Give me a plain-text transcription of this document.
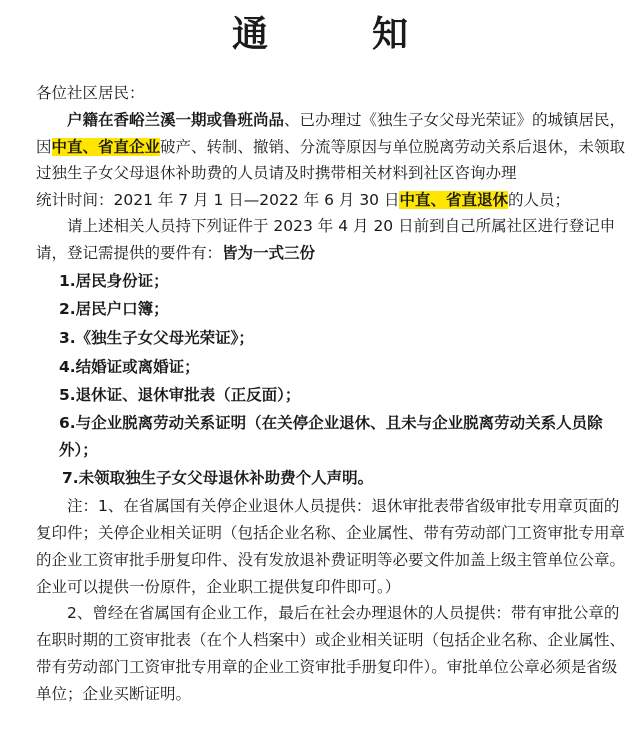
通　知

各位社区居民：

户籍在香峪兰溪一期或鲁班尚品、已办理过《独生子女父母光荣证》的城镇居民，因中直、省直企业破产、转制、撤销、分流等原因与单位脱离劳动关系后退休，未领取过独生子女父母退休补助费的人员请及时携带相关材料到社区咨询办理

统计时间：2021 年 7 月 1 日—2022 年 6 月 30 日中直、省直退休的人员；

请上述相关人员持下列证件于 2023 年 4 月 20 日前到自己所属社区进行登记申请，登记需提供的要件有：皆为一式三份

1.居民身份证；

2.居民户口簿；

3.《独生子女父母光荣证》；

4.结婚证或离婚证；

5.退休证、退休审批表（正反面）；

6.与企业脱离劳动关系证明（在关停企业退休、且未与企业脱离劳动关系人员除外）；

7.未领取独生子女父母退休补助费个人声明。

注：1、在省属国有关停企业退休人员提供：退休审批表带省级审批专用章页面的复印件；关停企业相关证明（包括企业名称、企业属性、带有劳动部门工资审批专用章的企业工资审批手册复印件、没有发放退补费证明等必要文件加盖上级主管单位公章。企业可以提供一份原件，企业职工提供复印件即可。）

2、曾经在省属国有企业工作，最后在社会办理退休的人员提供：带有审批公章的在职时期的工资审批表（在个人档案中）或企业相关证明（包括企业名称、企业属性、带有劳动部门工资审批专用章的企业工资审批手册复印件）。审批单位公章必须是省级单位；企业买断证明。
